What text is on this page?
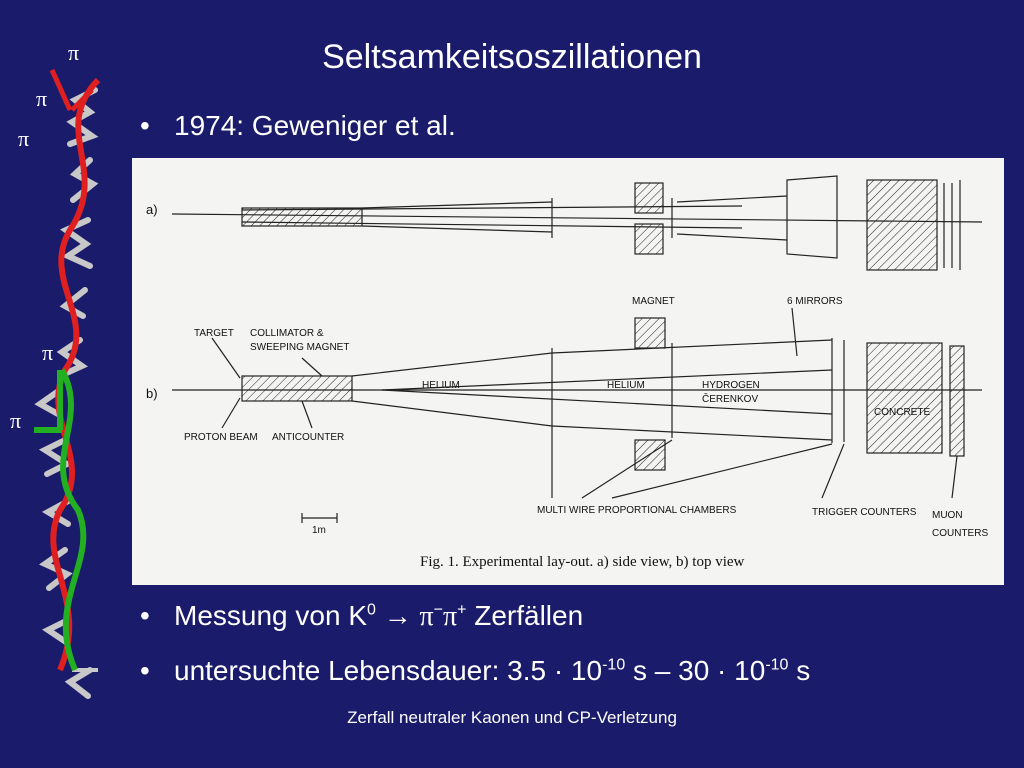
π
π
π
π
π
Seltsamkeitsoszillationen
• 1974: Geweniger et al.
a)
b)
TARGET COLLIMATOR &
SWEEPING MAGNET
MAGNET	6 MIRRORS
HELIUM	HELIUM	HYDROGEN
ČERENKOV
CONCRETE
PROTON BEAM ANTICOUNTER
MULTI WIRE PROPORTIONAL CHAMBERS	TRIGGER COUNTERS MUON
COUNTERS
1m
Fig. 1. Experimental lay-out. a) side view, b) top view
• Messung von $K^0 \to \pi^-\pi^+$ Zerfällen
• untersuchte Lebensdauer: $3.5 \cdot 10^{-10}$ $s - 30 \cdot 10^{-10}$ s
Zerfall neutraler Kaonen und CP-Verletzung
